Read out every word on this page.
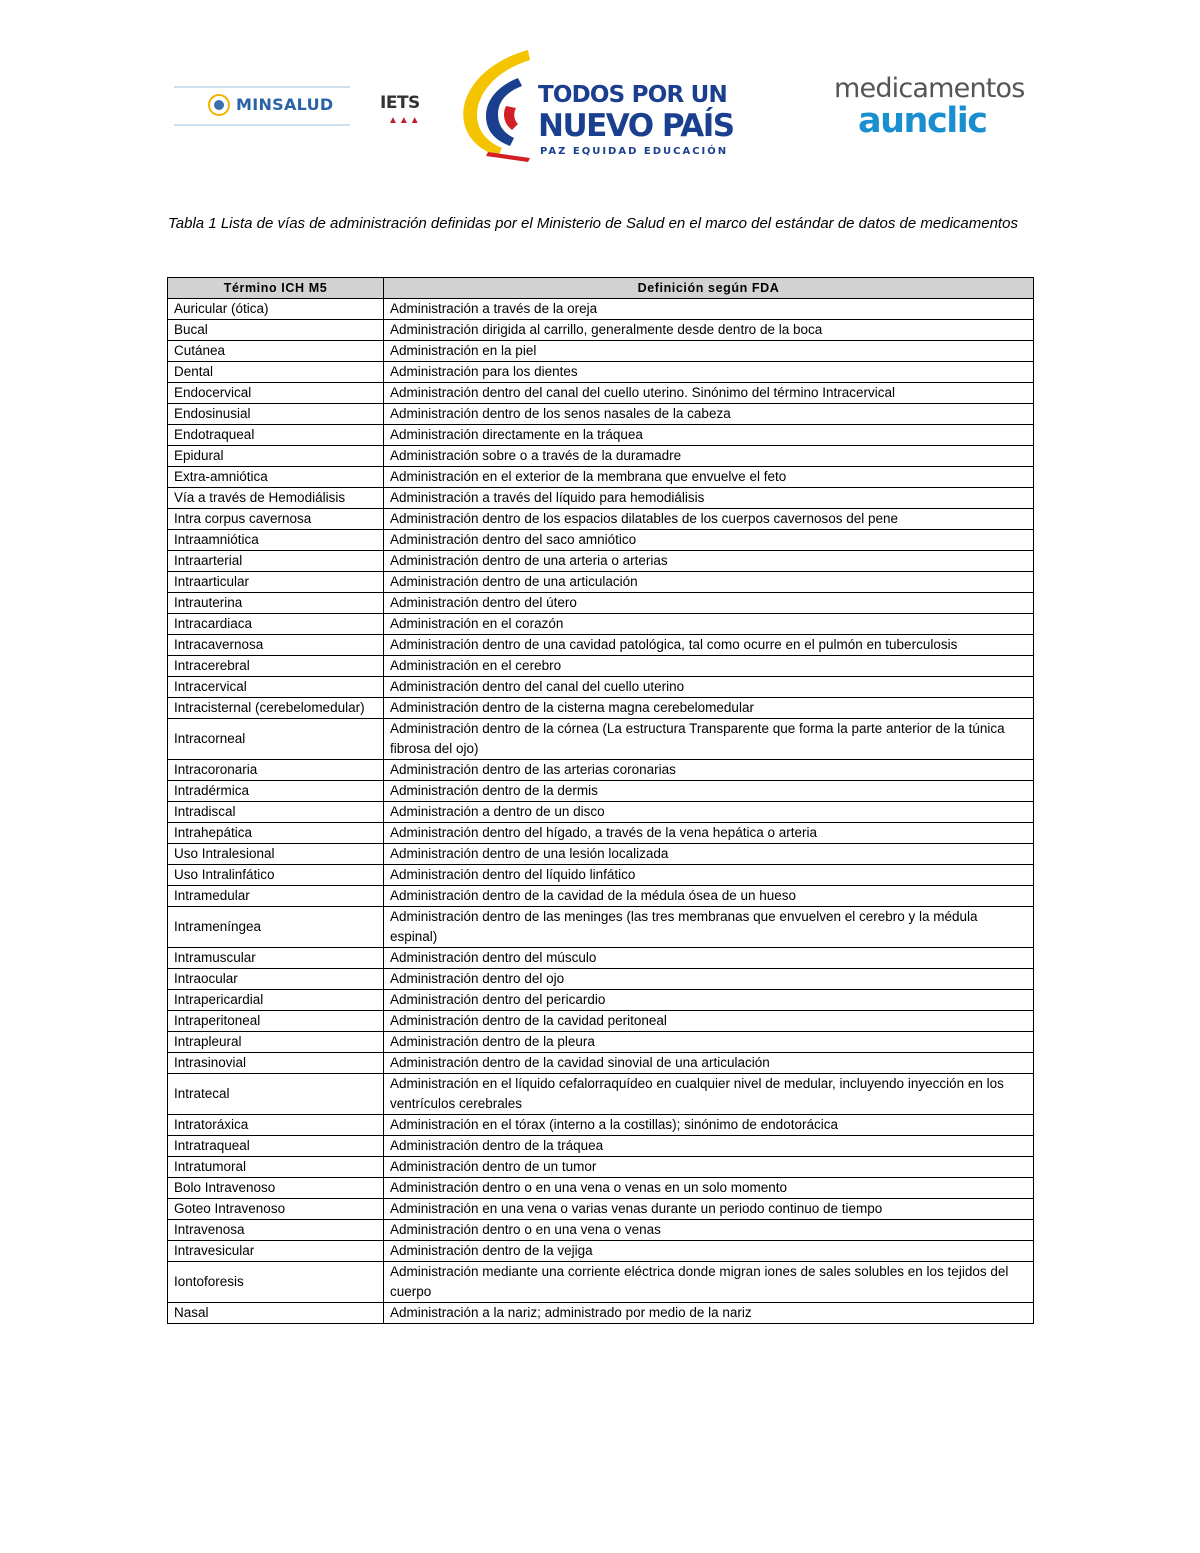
MINSALUD	IETS
▲▲▲
TODOS POR UN
NUEVO PAÍS
PAZ EQUIDAD EDUCACIÓN
medicamentos
aunclic
Tabla 1 Lista de vías de administración definidas por el Ministerio de Salud en el marco del estándar de datos de medicamentos
Término ICH M5	Definición según FDA
Auricular (ótica)	Administración a través de la oreja
Bucal	Administración dirigida al carrillo, generalmente desde dentro de la boca
Cutánea	Administración en la piel
Dental	Administración para los dientes
Endocervical	Administración dentro del canal del cuello uterino. Sinónimo del término Intracervical
Endosinusial	Administración dentro de los senos nasales de la cabeza
Endotraqueal	Administración directamente en la tráquea
Epidural	Administración sobre o a través de la duramadre
Extra-amniótica	Administración en el exterior de la membrana que envuelve el feto
Vía a través de Hemodiálisis	Administración a través del líquido para hemodiálisis
Intra corpus cavernosa	Administración dentro de los espacios dilatables de los cuerpos cavernosos del pene
Intraamniótica	Administración dentro del saco amniótico
Intraarterial	Administración dentro de una arteria o arterias
Intraarticular	Administración dentro de una articulación
Intrauterina	Administración dentro del útero
Intracardiaca	Administración en el corazón
Intracavernosa	Administración dentro de una cavidad patológica, tal como ocurre en el pulmón en tuberculosis
Intracerebral	Administración en el cerebro
Intracervical	Administración dentro del canal del cuello uterino
Intracisternal (cerebelomedular)	Administración dentro de la cisterna magna cerebelomedular
Intracorneal	Administración dentro de la córnea (La estructura Transparente que forma la parte anterior de la túnica fibrosa del ojo)
Intracoronaria	Administración dentro de las arterias coronarias
Intradérmica	Administración dentro de la dermis
Intradiscal	Administración a dentro de un disco
Intrahepática	Administración dentro del hígado, a través de la vena hepática o arteria
Uso Intralesional	Administración dentro de una lesión localizada
Uso Intralinfático	Administración dentro del líquido linfático
Intramedular	Administración dentro de la cavidad de la médula ósea de un hueso
Intrameníngea	Administración dentro de las meninges (las tres membranas que envuelven el cerebro y la médula espinal)
Intramuscular	Administración dentro del músculo
Intraocular	Administración dentro del ojo
Intrapericardial	Administración dentro del pericardio
Intraperitoneal	Administración dentro de la cavidad peritoneal
Intrapleural	Administración dentro de la pleura
Intrasinovial	Administración dentro de la cavidad sinovial de una articulación
Intratecal	Administración en el líquido cefalorraquídeo en cualquier nivel de medular, incluyendo inyección en los ventrículos cerebrales
Intratoráxica	Administración en el tórax (interno a la costillas); sinónimo de endotorácica
Intratraqueal	Administración dentro de la tráquea
Intratumoral	Administración dentro de un tumor
Bolo Intravenoso	Administración dentro o en una vena o venas en un solo momento
Goteo Intravenoso	Administración en una vena o varias venas durante un periodo continuo de tiempo
Intravenosa	Administración dentro o en una vena o venas
Intravesicular	Administración dentro de la vejiga
Iontoforesis	Administración mediante una corriente eléctrica donde migran iones de sales solubles en los tejidos del cuerpo
Nasal	Administración a la nariz; administrado por medio de la nariz
